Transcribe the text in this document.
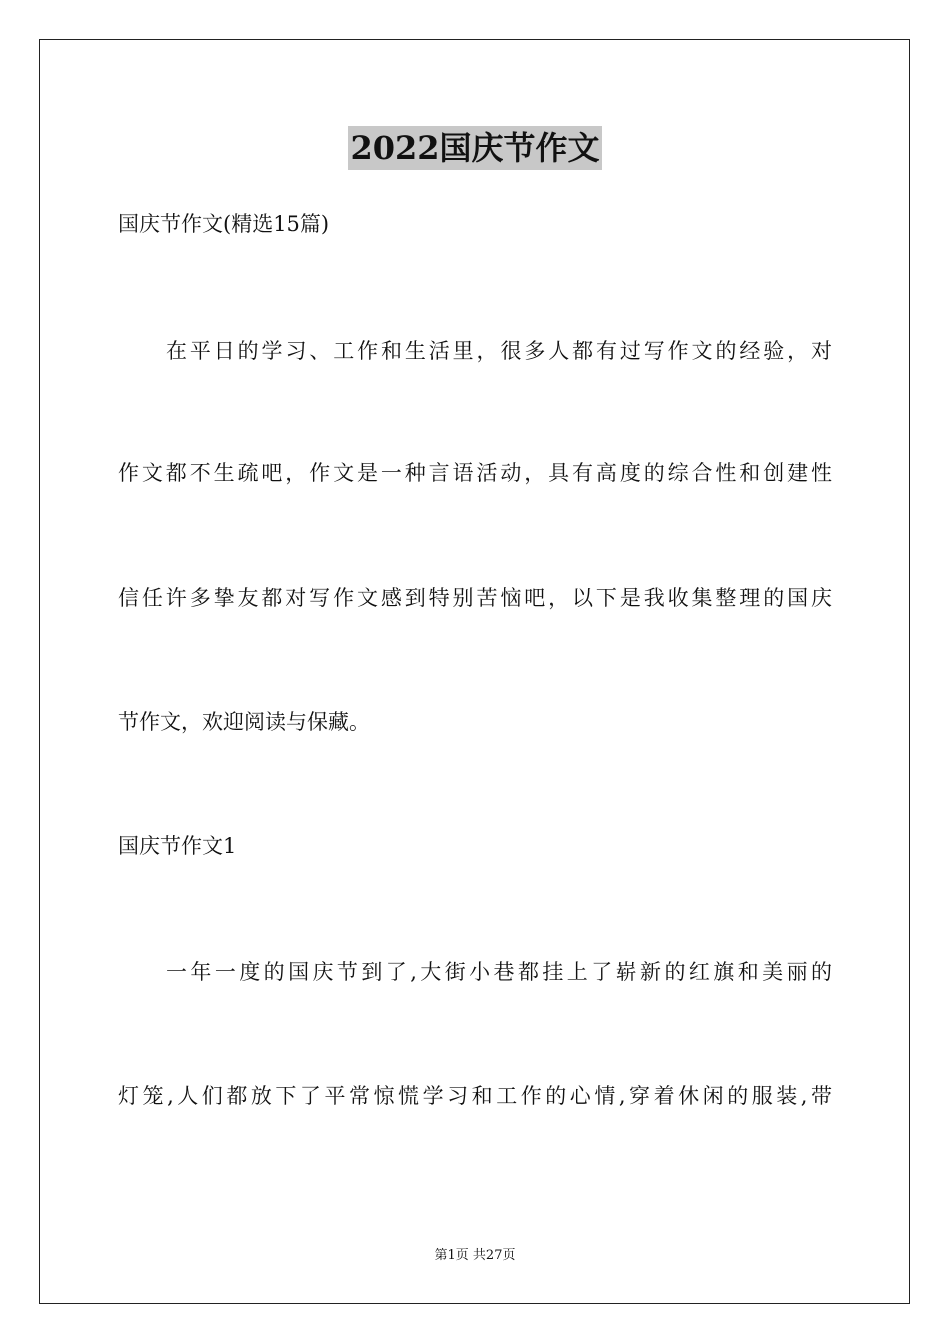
2022国庆节作文
国庆节作文(精选15篇)
在平日的学习、工作和生活里，很多人都有过写作文的经验，对
作文都不生疏吧，作文是一种言语活动，具有高度的综合性和创建性
信任许多挚友都对写作文感到特别苦恼吧，以下是我收集整理的国庆
节作文，欢迎阅读与保藏。
国庆节作文1
一年一度的国庆节到了,大街小巷都挂上了崭新的红旗和美丽的
灯笼,人们都放下了平常惊慌学习和工作的心情,穿着休闲的服装,带
第1页 共27页
